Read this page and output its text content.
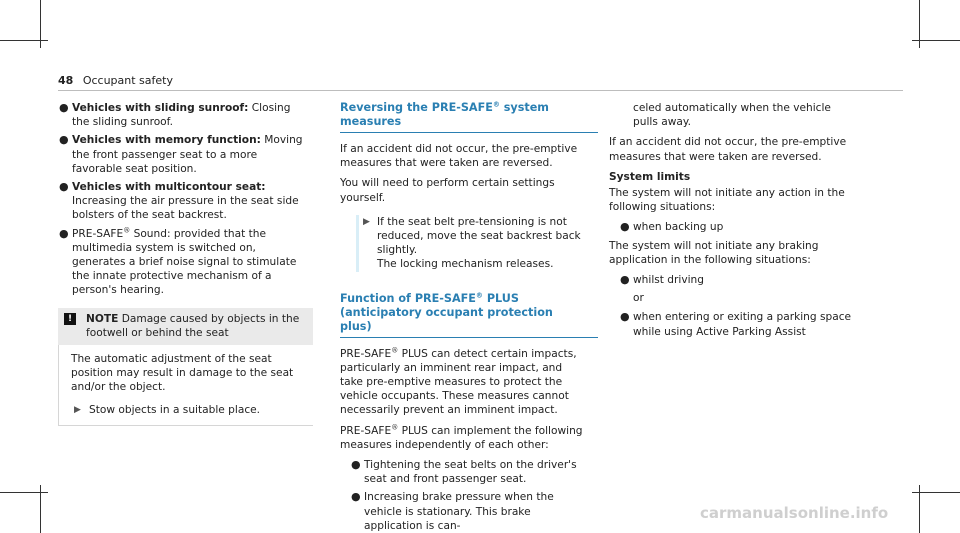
48 Occupant safety
● Vehicles with sliding sunroof: Closing the sliding sunroof.
● Vehicles with memory function: Moving the front passenger seat to a more favorable seat position.
● Vehicles with multicontour seat: Increasing the air pressure in the seat side bolsters of the seat backrest.
● PRE-SAFE® Sound: provided that the multimedia system is switched on, generates a brief noise signal to stimulate the innate protective mechanism of a person's hearing.
!	NOTE Damage caused by objects in the footwell or behind the seat

The automatic adjustment of the seat position may result in damage to the seat and/or the object.

▶ Stow objects in a suitable place.
Reversing the PRE-SAFE® system measures

If an accident did not occur, the pre-emptive measures that were taken are reversed.

You will need to perform certain settings yourself.

▶ If the seat belt pre-tensioning is not reduced, move the seat backrest back slightly.
The locking mechanism releases.
Function of PRE-SAFE® PLUS (anticipatory occupant protection plus)

PRE-SAFE® PLUS can detect certain impacts, particularly an imminent rear impact, and take pre-emptive measures to protect the vehicle occupants. These measures cannot necessarily prevent an imminent impact.

PRE-SAFE® PLUS can implement the following measures independently of each other:

● Tightening the seat belts on the driver's seat and front passenger seat.
● Increasing brake pressure when the vehicle is stationary. This brake application is can-

celed automatically when the vehicle pulls away.

If an accident did not occur, the pre-emptive measures that were taken are reversed.

System limits

The system will not initiate any action in the following situations:

● when backing up

The system will not initiate any braking application in the following situations:

● whilst driving
or
● when entering or exiting a parking space while using Active Parking Assist
carmanualsonline.info
